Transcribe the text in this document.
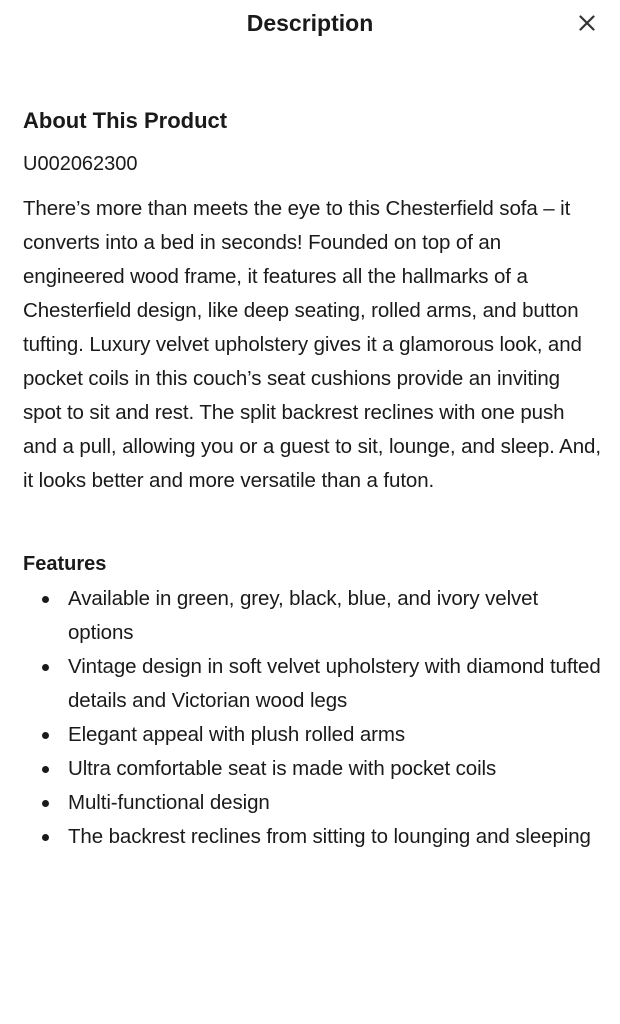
Description
About This Product
U002062300

There’s more than meets the eye to this Chesterfield sofa – it converts into a bed in seconds! Founded on top of an engineered wood frame, it features all the hallmarks of a Chesterfield design, like deep seating, rolled arms, and button tufting. Luxury velvet upholstery gives it a glamorous look, and pocket coils in this couch’s seat cushions provide an inviting spot to sit and rest. The split backrest reclines with one push and a pull, allowing you or a guest to sit, lounge, and sleep. And, it looks better and more versatile than a futon.

Features
Available in green, grey, black, blue, and ivory velvet options
Vintage design in soft velvet upholstery with diamond tufted details and Victorian wood legs
Elegant appeal with plush rolled arms
Ultra comfortable seat is made with pocket coils
Multi-functional design
The backrest reclines from sitting to lounging and sleeping
